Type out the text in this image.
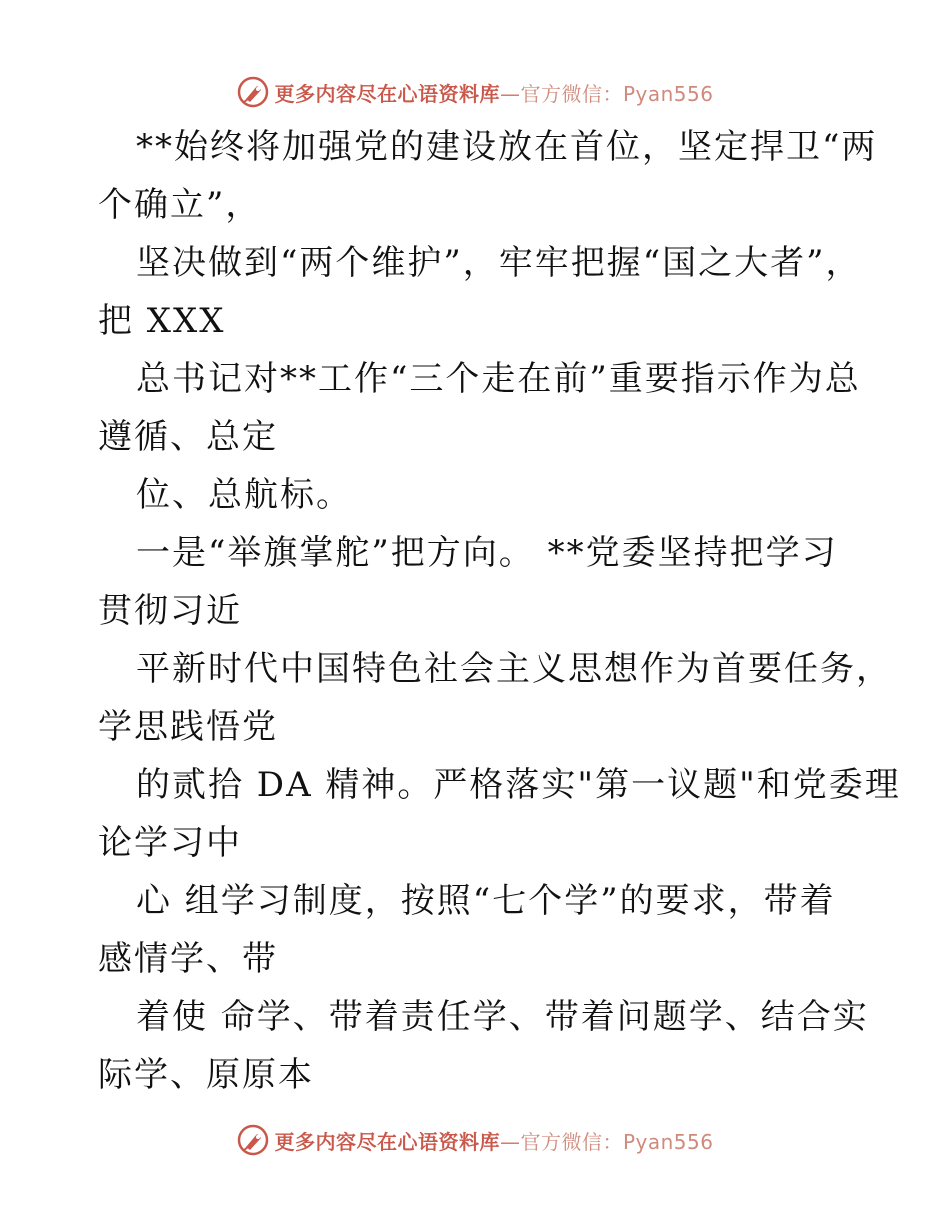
更多内容尽在心语资料库—官方微信：Pyan556
**始终将加强党的建设放在首位，坚定捍卫“两
个确立”，
坚决做到“两个维护”，牢牢把握“国之大者”，
把 XXX
总书记对**工作“三个走在前”重要指示作为总
遵循、总定
位、总航标。
一是“举旗掌舵”把方向。 **党委坚持把学习
贯彻习近
平新时代中国特色社会主义思想作为首要任务，
学思践悟党
的贰拾 DA 精神。严格落实"第一议题"和党委理
论学习中
心 组学习制度，按照“七个学”的要求，带着
感情学、带
着使 命学、带着责任学、带着问题学、结合实
际学、原原本
更多内容尽在心语资料库—官方微信：Pyan556
